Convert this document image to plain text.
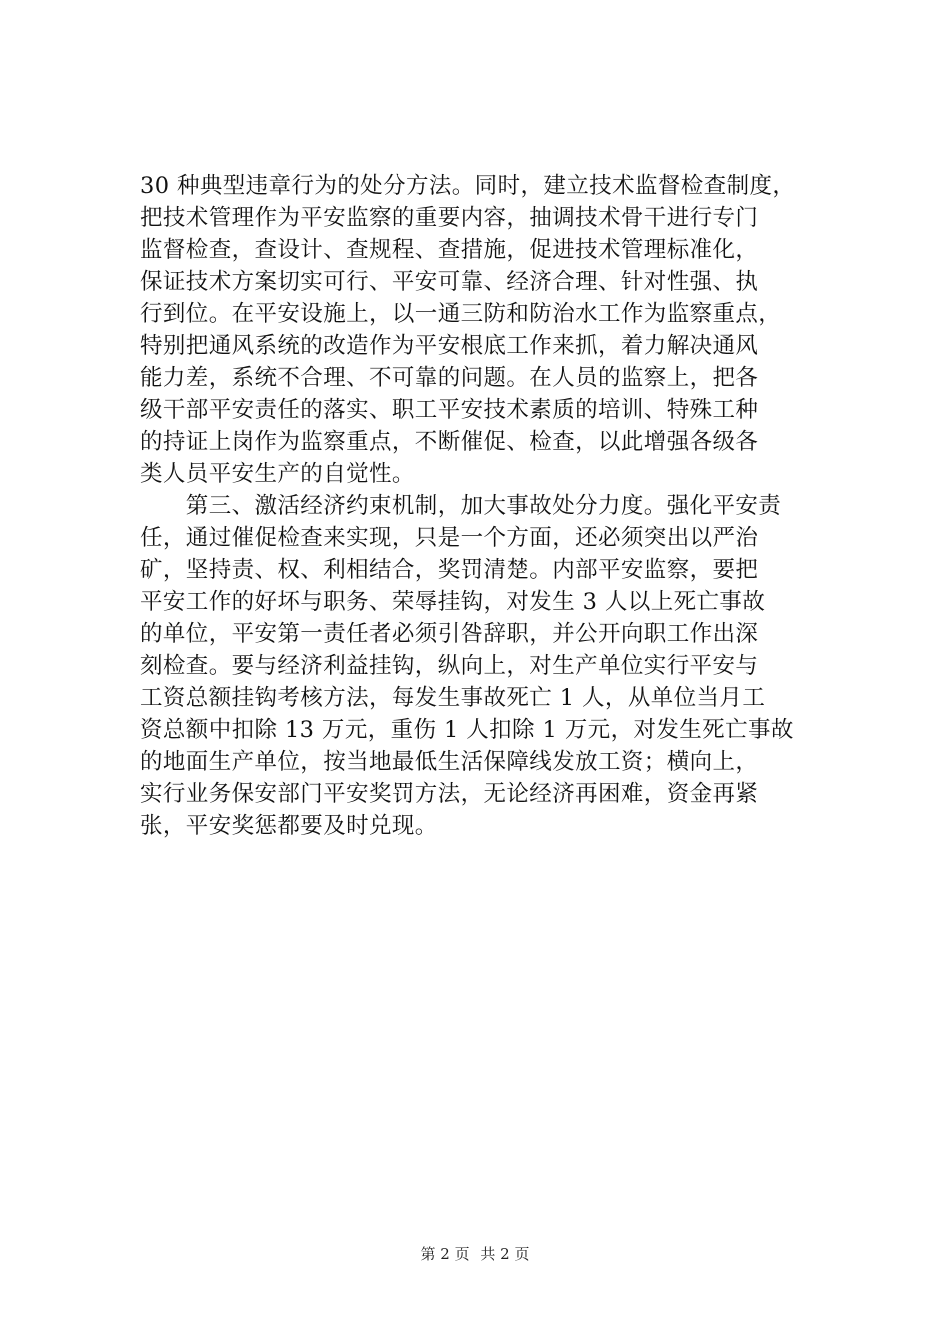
30 种典型违章行为的处分方法。同时，建立技术监督检查制度，
把技术管理作为平安监察的重要内容，抽调技术骨干进行专门
监督检查，查设计、查规程、查措施，促进技术管理标准化，
保证技术方案切实可行、平安可靠、经济合理、针对性强、执
行到位。在平安设施上，以一通三防和防治水工作为监察重点，
特别把通风系统的改造作为平安根底工作来抓，着力解决通风
能力差，系统不合理、不可靠的问题。在人员的监察上，把各
级干部平安责任的落实、职工平安技术素质的培训、特殊工种
的持证上岗作为监察重点，不断催促、检查，以此增强各级各
类人员平安生产的自觉性。
　　第三、激活经济约束机制，加大事故处分力度。强化平安责
任，通过催促检查来实现，只是一个方面，还必须突出以严治
矿，坚持责、权、利相结合，奖罚清楚。内部平安监察，要把
平安工作的好坏与职务、荣辱挂钩，对发生 3 人以上死亡事故
的单位，平安第一责任者必须引咎辞职，并公开向职工作出深
刻检查。要与经济利益挂钩，纵向上，对生产单位实行平安与
工资总额挂钩考核方法，每发生事故死亡 1 人，从单位当月工
资总额中扣除 13 万元，重伤 1 人扣除 1 万元，对发生死亡事故
的地面生产单位，按当地最低生活保障线发放工资；横向上，
实行业务保安部门平安奖罚方法，无论经济再困难，资金再紧
张，平安奖惩都要及时兑现。
第 2 页 共 2 页
